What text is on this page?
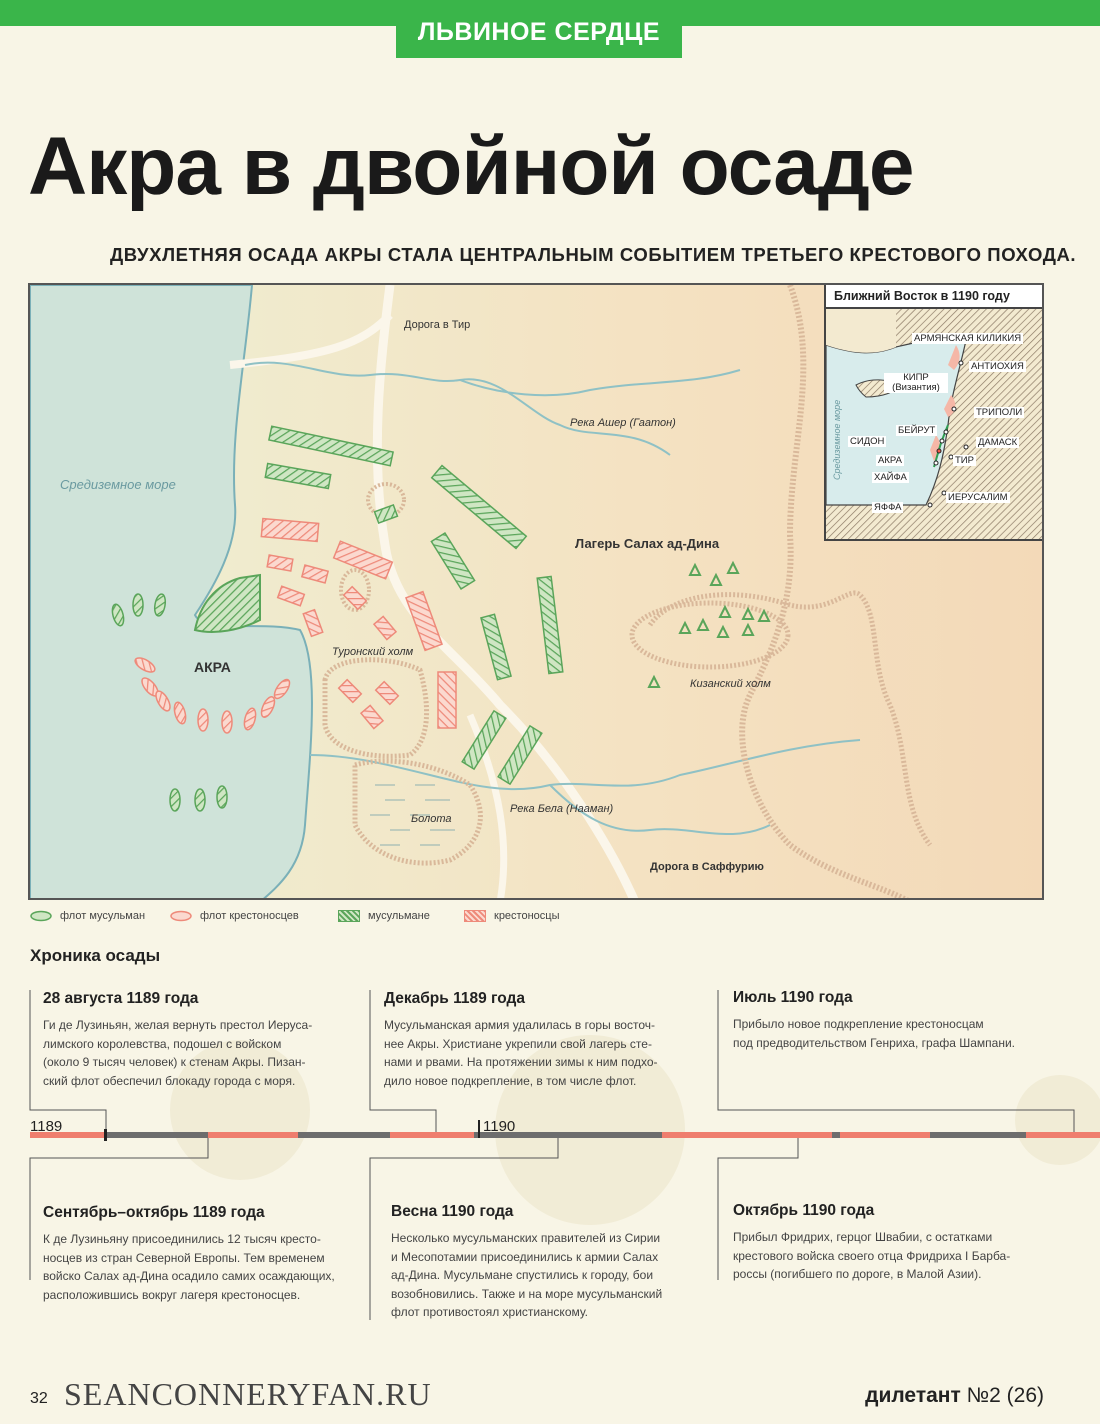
ЛЬВИНОЕ СЕРДЦЕ
Акра в двойной осаде
ДВУХЛЕТНЯЯ ОСАДА АКРЫ СТАЛА ЦЕНТРАЛЬНЫМ СОБЫТИЕМ ТРЕТЬЕГО КРЕСТОВОГО ПОХОДА.
Дорога в Тир
Река Ашер (Гаатон)
Средиземное море
Лагерь Салах ад-Дина
АКРА
Туронский холм
Кизанский холм
Река Бела (Нааман)
Болота
Дорога в Саффурию
Средиземное море
Ближний Восток в 1190 году
АРМЯНСКАЯ КИЛИКИЯ
АНТИОХИЯ
КИПР (Византия)
ТРИПОЛИ
БЕЙРУТ
СИДОН	ДАМАСК
АКРА	ТИР
ХАЙФА
ИЕРУСАЛИМ
ЯФФА
флот мусульман	флот крестоносцев	мусульмане	крестоносцы
Хроника осады
1189	1190
28 августа 1189 года

Ги де Лузиньян, желая вернуть престол Иеруса-
лимского королевства, подошел с войском
(около 9 тысяч человек) к стенам Акры. Пизан-
ский флот обеспечил блокаду города с моря.

Декабрь 1189 года

Мусульманская армия удалилась в горы восточ-
нее Акры. Христиане укрепили свой лагерь сте-
нами и рвами. На протяжении зимы к ним подхо-
дило новое подкрепление, в том числе флот.

Июль 1190 года

Прибыло новое подкрепление крестоносцам
под предводительством Генриха, графа Шампани.

Сентябрь–октябрь 1189 года

К де Лузиньяну присоединились 12 тысяч кресто-
носцев из стран Северной Европы. Тем временем
войско Салах ад-Дина осадило самих осаждающих,
расположившись вокруг лагеря крестоносцев.

Весна 1190 года

Несколько мусульманских правителей из Сирии
и Месопотамии присоединились к армии Салах
ад-Дина. Мусульмане спустились к городу, бои
возобновились. Также и на море мусульманский
флот противостоял христианскому.

Октябрь 1190 года

Прибыл Фридрих, герцог Швабии, с остатками
крестового войска своего отца Фридриха I Барба-
россы (погибшего по дороге, в Малой Азии).

32 SEANCONNERYFAN.RU	дилетант №2 (26)
